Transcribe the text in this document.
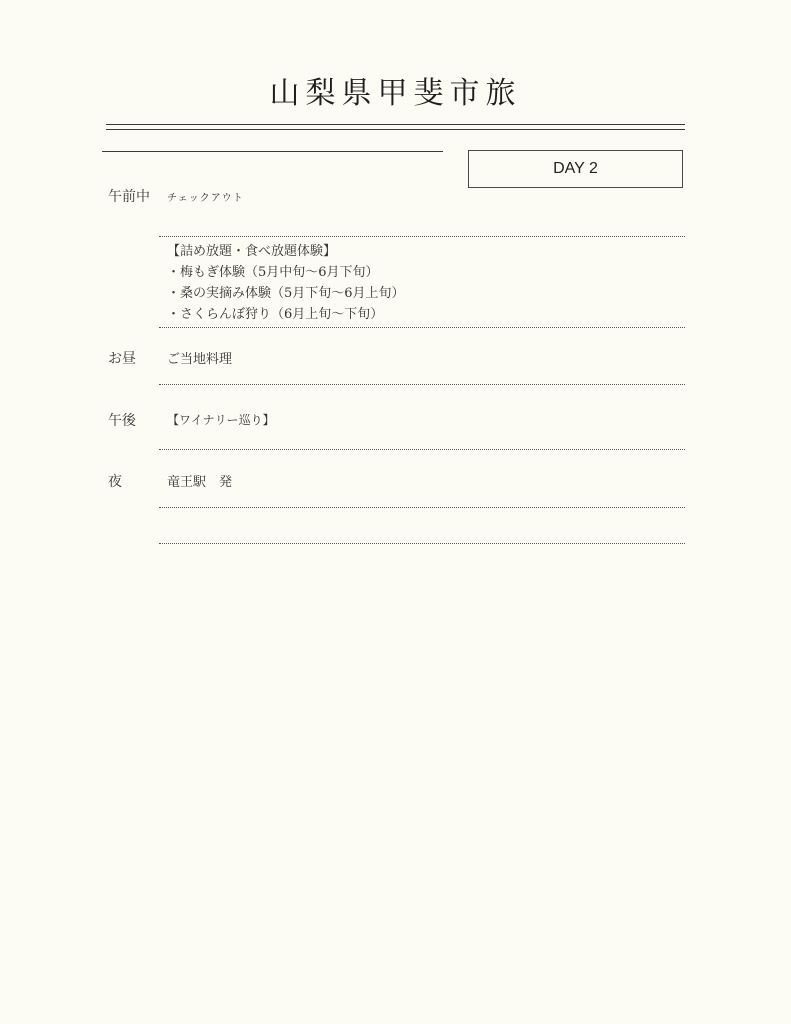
山梨県甲斐市旅
DAY 2
午前中 チェックアウト
【詰め放題・食べ放題体験】
・梅もぎ体験（5月中旬〜6月下旬）
・桑の実摘み体験（5月下旬〜6月上旬）
・さくらんぼ狩り（6月上旬〜下旬）
お昼 ご当地料理
午後	【ワイナリー巡り】
夜	竜王駅　発
